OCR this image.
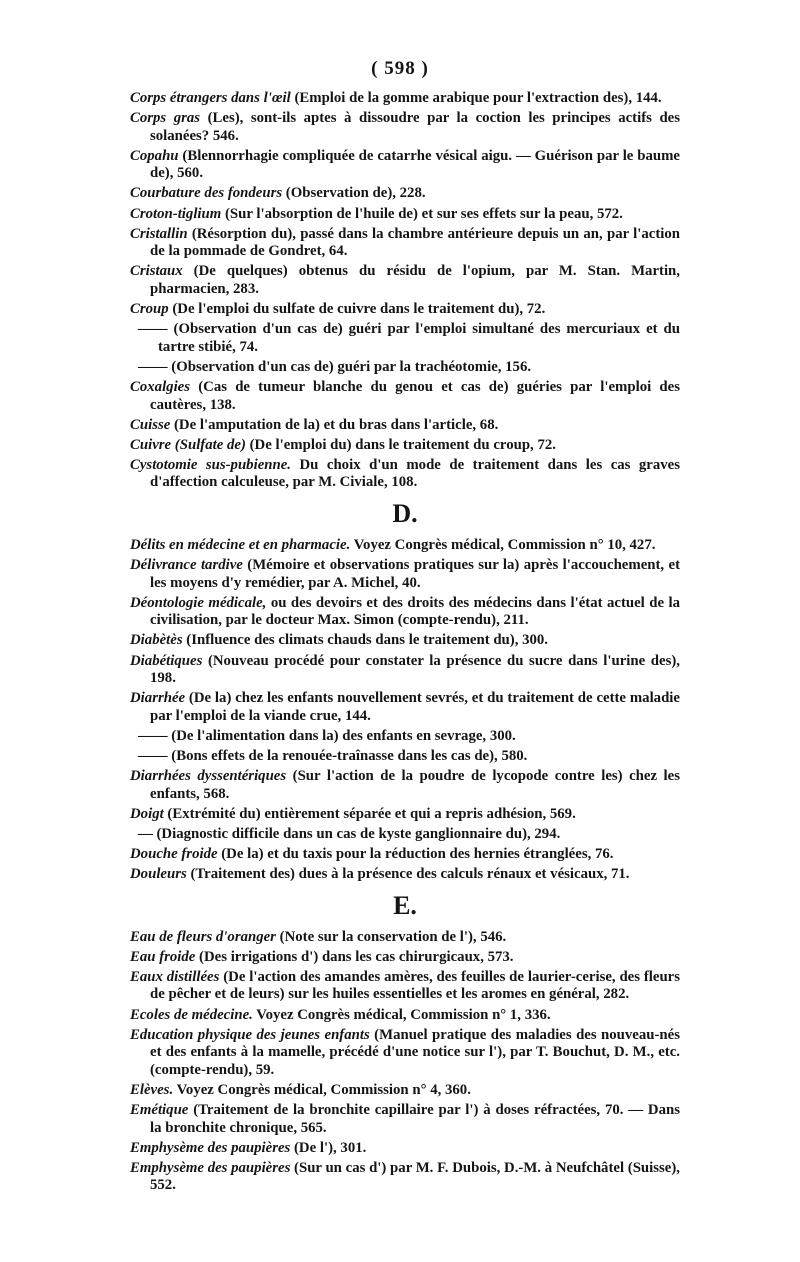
( 598 )
Corps étrangers dans l'œil (Emploi de la gomme arabique pour l'extraction des), 144.
Corps gras (Les), sont-ils aptes à dissoudre par la coction les principes actifs des solanées? 546.
Copahu (Blennorrhagie compliquée de catarrhe vésical aigu. — Guérison par le baume de), 560.
Courbature des fondeurs (Observation de), 228.
Croton-tiglium (Sur l'absorption de l'huile de) et sur ses effets sur la peau, 572.
Cristallin (Résorption du), passé dans la chambre antérieure depuis un an, par l'action de la pommade de Gondret, 64.
Cristaux (De quelques) obtenus du résidu de l'opium, par M. Stan. Martin, pharmacien, 283.
Croup (De l'emploi du sulfate de cuivre dans le traitement du), 72.
—— (Observation d'un cas de) guéri par l'emploi simultané des mercuriaux et du tartre stibié, 74.
—— (Observation d'un cas de) guéri par la trachéotomie, 156.
Coxalgies (Cas de tumeur blanche du genou et cas de) guéries par l'emploi des cautères, 138.
Cuisse (De l'amputation de la) et du bras dans l'article, 68.
Cuivre (Sulfate de) (De l'emploi du) dans le traitement du croup, 72.
Cystotomie sus-pubienne. Du choix d'un mode de traitement dans les cas graves d'affection calculeuse, par M. Civiale, 108.
D.
Délits en médecine et en pharmacie. Voyez Congrès médical, Commission n° 10, 427.
Délivrance tardive (Mémoire et observations pratiques sur la) après l'accouchement, et les moyens d'y remédier, par A. Michel, 40.
Déontologie médicale, ou des devoirs et des droits des médecins dans l'état actuel de la civilisation, par le docteur Max. Simon (compte-rendu), 211.
Diabètès (Influence des climats chauds dans le traitement du), 300.
Diabétiques (Nouveau procédé pour constater la présence du sucre dans l'urine des), 198.
Diarrhée (De la) chez les enfants nouvellement sevrés, et du traitement de cette maladie par l'emploi de la viande crue, 144.
—— (De l'alimentation dans la) des enfants en sevrage, 300.
—— (Bons effets de la renouée-traînasse dans les cas de), 580.
Diarrhées dyssentériques (Sur l'action de la poudre de lycopode contre les) chez les enfants, 568.
Doigt (Extrémité du) entièrement séparée et qui a repris adhésion, 569.
— (Diagnostic difficile dans un cas de kyste ganglionnaire du), 294.
Douche froide (De la) et du taxis pour la réduction des hernies étranglées, 76.
Douleurs (Traitement des) dues à la présence des calculs rénaux et vésicaux, 71.
E.
Eau de fleurs d'oranger (Note sur la conservation de l'), 546.
Eau froide (Des irrigations d') dans les cas chirurgicaux, 573.
Eaux distillées (De l'action des amandes amères, des feuilles de laurier-cerise, des fleurs de pêcher et de leurs) sur les huiles essentielles et les aromes en général, 282.
Ecoles de médecine. Voyez Congrès médical, Commission n° 1, 336.
Education physique des jeunes enfants (Manuel pratique des maladies des nouveau-nés et des enfants à la mamelle, précédé d'une notice sur l'), par T. Bouchut, D. M., etc. (compte-rendu), 59.
Elèves. Voyez Congrès médical, Commission n° 4, 360.
Emétique (Traitement de la bronchite capillaire par l') à doses réfractées, 70. — Dans la bronchite chronique, 565.
Emphysème des paupières (De l'), 301.
Emphysème des paupières (Sur un cas d') par M. F. Dubois, D.-M. à Neufchâtel (Suisse), 552.
